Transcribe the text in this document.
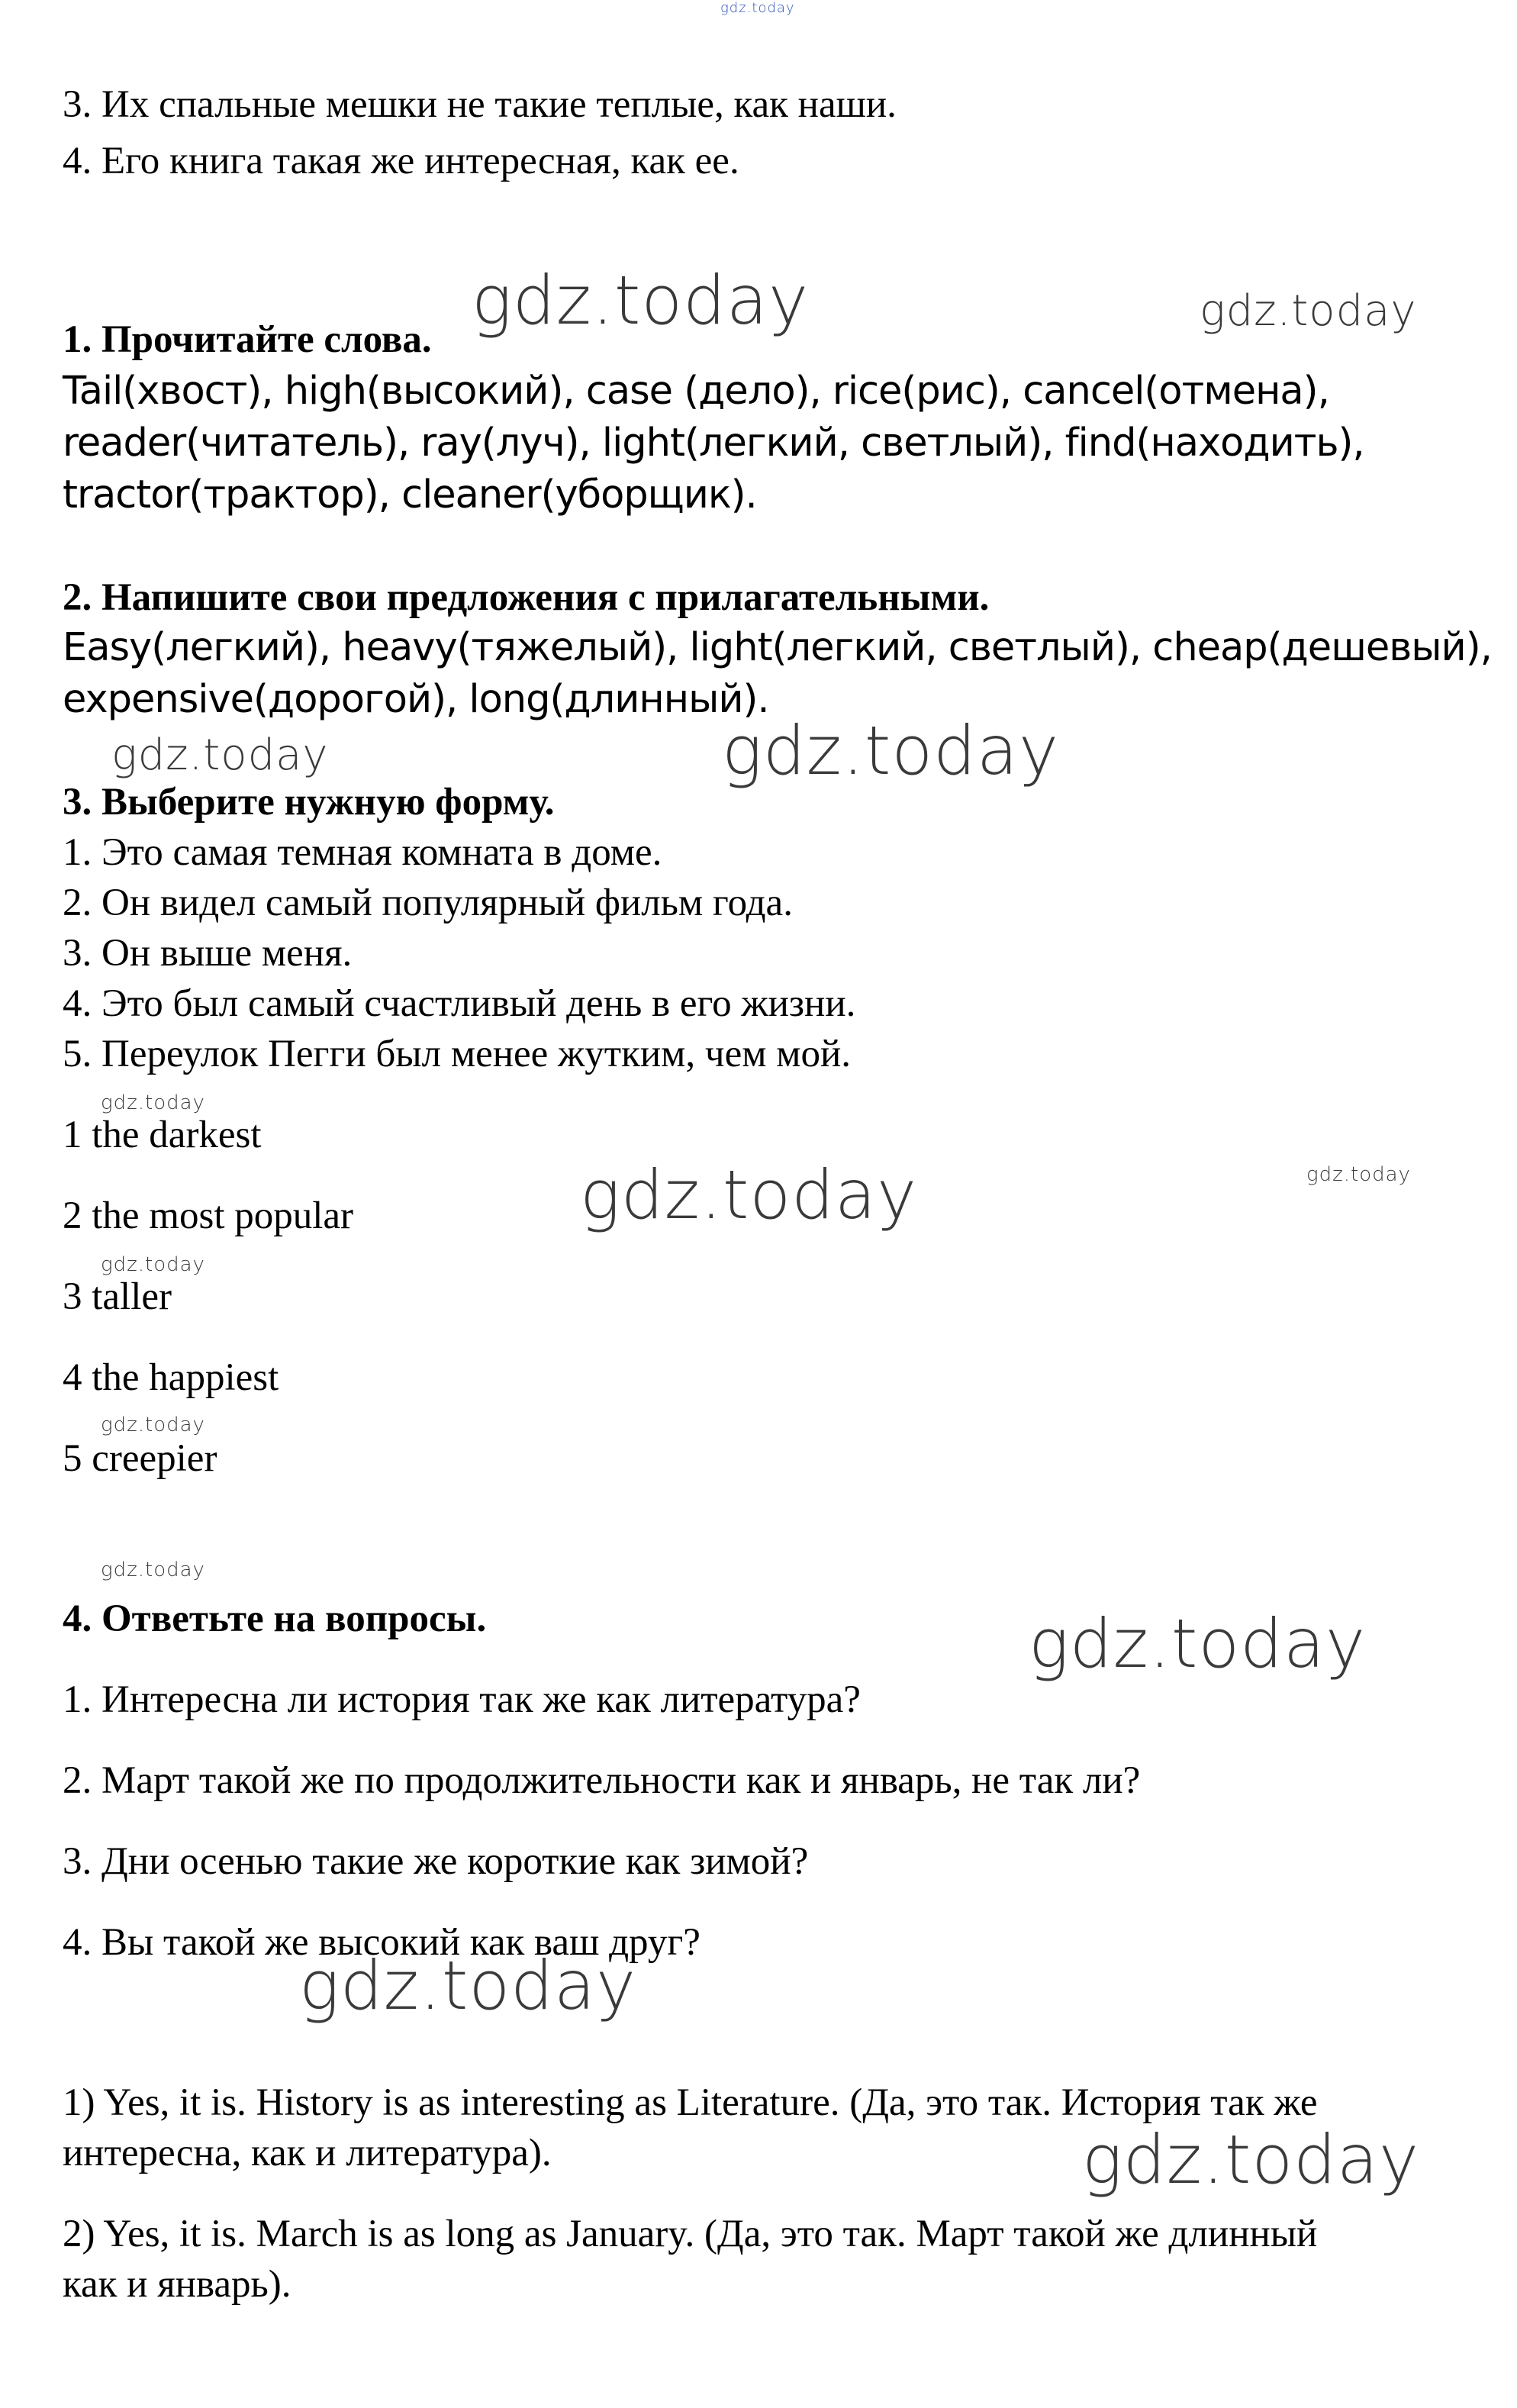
gdz.today
gdz.today	gdz.today
gdz.today	gdz.today
gdz.today
gdz.today	gdz.today
gdz.today
gdz.today
gdz.today
gdz.today
gdz.today
gdz.today

3. Их спальные мешки не такие теплые, как наши.

4. Его книга такая же интересная, как ее.

1. Прочитайте слова.

Tail(хвост), high(высокий), case (дело), rice(рис), cancel(отмена),

reader(читатель), ray(луч), light(легкий, светлый), find(находить),

tractor(трактор), cleaner(уборщик).

2. Напишите свои предложения с прилагательными.

Easy(легкий), heavy(тяжелый), light(легкий, светлый), cheap(дешевый),

expensive(дорогой), long(длинный).

3. Выберите нужную форму.

1. Это самая темная комната в доме.

2. Он видел самый популярный фильм года.

3. Он выше меня.

4. Это был самый счастливый день в его жизни.

5. Переулок Пегги был менее жутким, чем мой.

1 the darkest

2 the most popular

3 taller

4 the happiest

5 creepier

4. Ответьте на вопросы.

1. Интересна ли история так же как литература?

2. Март такой же по продолжительности как и январь, не так ли?

3. Дни осенью такие же короткие как зимой?

4. Вы такой же высокий как ваш друг?

1) Yes, it is. History is as interesting as Literature. (Да, это так. История так же

интересна, как и литература).

2) Yes, it is. March is as long as January. (Да, это так. Март такой же длинный

как и январь).
